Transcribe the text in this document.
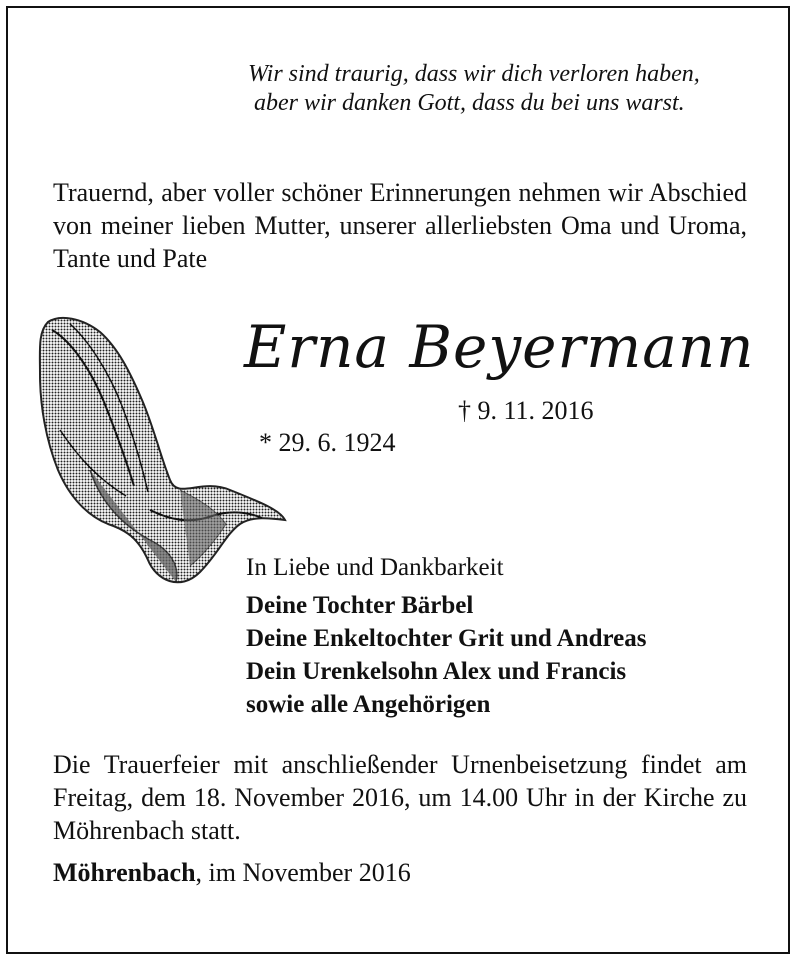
Wir sind traurig, dass wir dich verloren haben,
aber wir danken Gott, dass du bei uns warst.
Trauernd, aber voller schöner Erinnerungen nehmen wir Abschied von meiner lieben Mutter, unserer allerliebsten Oma und Uroma, Tante und Pate
Erna Beyermann

* 29. 6. 1924

† 9. 11. 2016

In Liebe und Dankbarkeit
Deine Tochter Bärbel
Deine Enkeltochter Grit und Andreas
Dein Urenkelsohn Alex und Francis
sowie alle Angehörigen
Die Trauerfeier mit anschließender Urnenbeisetzung findet am Freitag, dem 18. November 2016, um 14.00 Uhr in der Kirche zu Möhrenbach statt.
Möhrenbach, im November 2016
